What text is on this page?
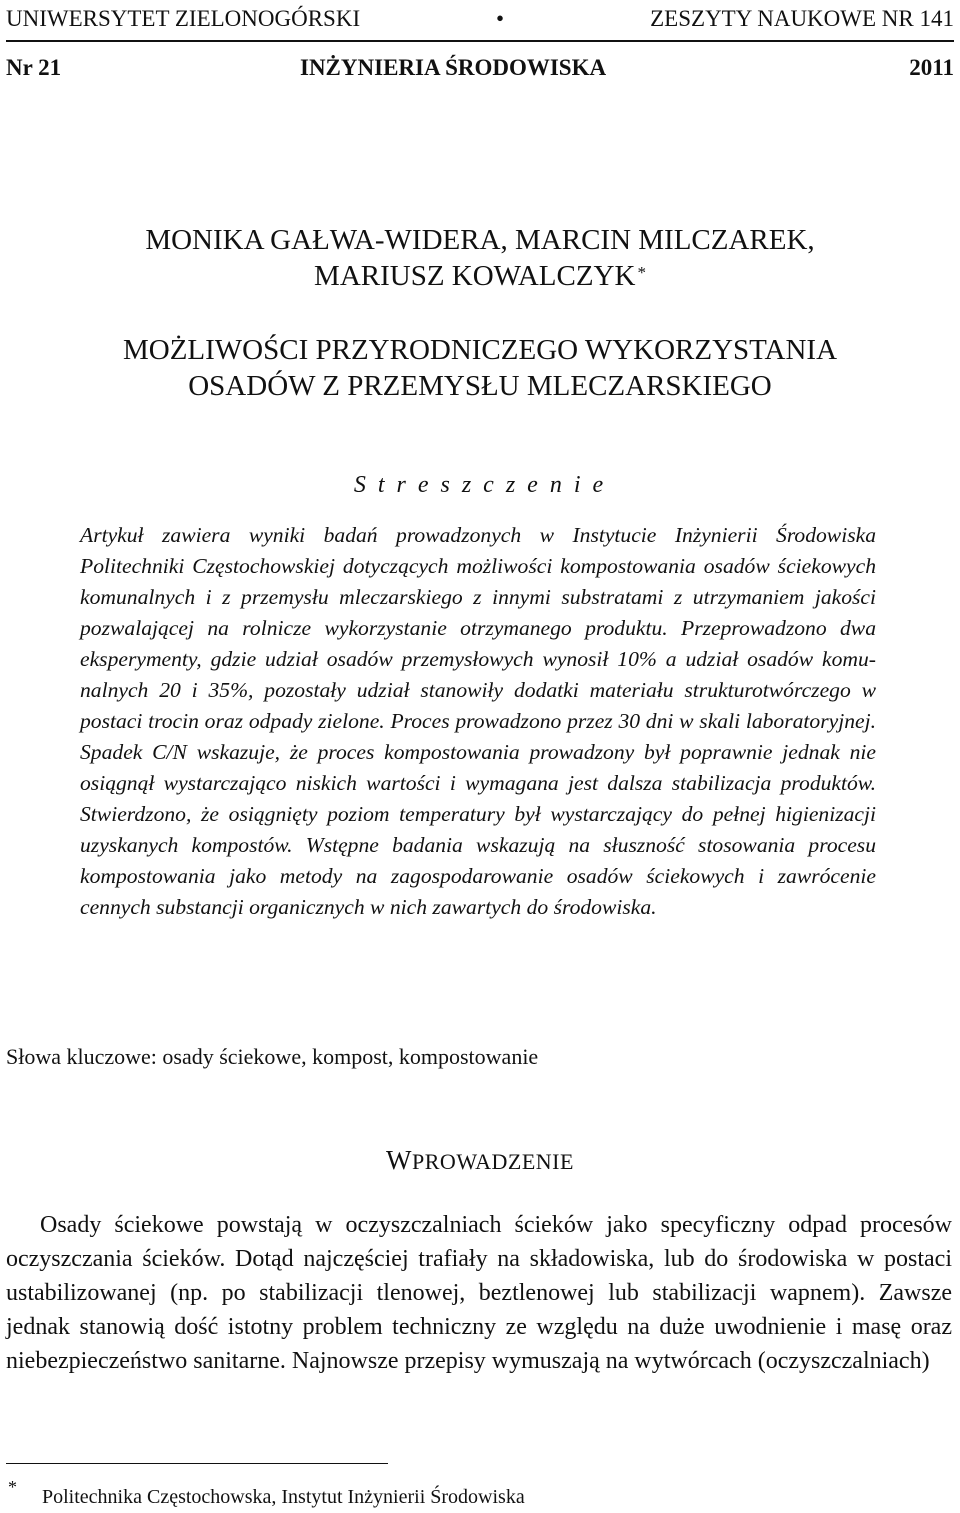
UNIWERSYTET ZIELONOGÓRSKI	•	ZESZYTY NAUKOWE NR 141
Nr 21	INŻYNIERIA ŚRODOWISKA	2011
MONIKA GAŁWA-WIDERA, MARCIN MILCZAREK,
MARIUSZ KOWALCZYK *
MOŻLIWOŚCI PRZYRODNICZEGO WYKORZYSTANIA
OSADÓW Z PRZEMYSŁU MLECZARSKIEGO
S t r e s z c z e n i e
Artykuł zawiera wyniki badań prowadzonych w Instytucie Inżynierii Środowiska Politechniki Częstochowskiej dotyczących możliwości kompostowania osadów ściekowych komunalnych i z przemysłu mleczarskiego z innymi substratami z utrzymaniem jakości pozwalającej na rolnicze wykorzystanie otrzymanego produktu. Przeprowadzono dwa eksperymenty, gdzie udział osadów przemysłowych wynosił 10% a udział osadów komunalnych 20 i 35%, pozostały udział stanowiły dodatki materiału strukturotwórczego w postaci trocin oraz odpady zielone. Proces prowadzono przez 30 dni w skali laboratoryjnej. Spadek C/N wskazuje, że proces kompostowania prowadzony był poprawnie jednak nie osiągnął wystarczająco niskich wartości i wymagana jest dalsza stabilizacja produktów. Stwierdzono, że osiągnięty poziom temperatury był wystarczający do pełnej higienizacji uzyskanych kompostów. Wstępne badania wskazują na słuszność stosowania procesu kompostowania jako metody na zagospodarowanie osadów ściekowych i zawrócenie cennych substancji organicznych w nich zawartych do środowiska.
Słowa kluczowe: osady ściekowe, kompost, kompostowanie
WPROWADZENIE
Osady ściekowe powstają w oczyszczalniach ścieków jako specyficzny odpad procesów oczyszczania ścieków. Dotąd najczęściej trafiały na składowiska, lub do środowiska w postaci ustabilizowanej (np. po stabilizacji tlenowej, beztlenowej lub stabilizacji wapnem). Zawsze jednak stanowią dość istotny problem techniczny ze względu na duże uwodnienie i masę oraz niebezpieczeństwo sanitarne. Najnowsze przepisy wymuszają na wytwórcach (oczyszczalniach)
* Politechnika Częstochowska, Instytut Inżynierii Środowiska
